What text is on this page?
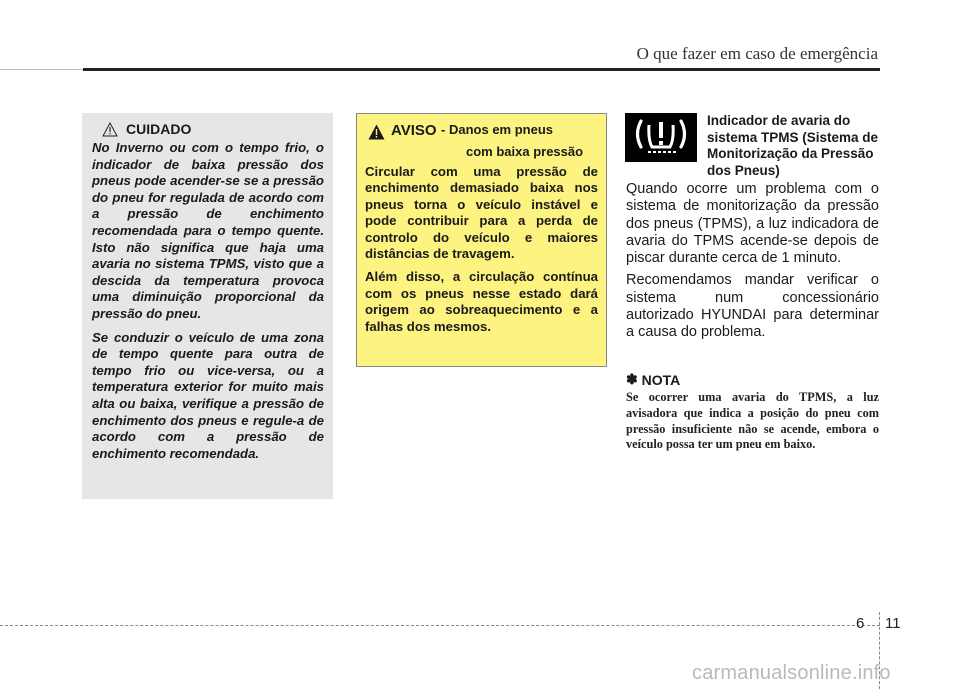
O que fazer em caso de emergência
CUIDADO

No Inverno ou com o tempo frio, o indicador de baixa pressão dos pneus pode acender-se se a pressão do pneu for regulada de acordo com a pressão de enchimento recomendada para o tempo quente. Isto não significa que haja uma avaria no sistema TPMS, visto que a descida da temperatura provoca uma diminuição proporcional da pressão do pneu.

Se conduzir o veículo de uma zona de tempo quente para outra de tempo frio ou vice-versa, ou a temperatura exterior for muito mais alta ou baixa, verifique a pressão de enchimento dos pneus e regule-a de acordo com a pressão de enchimento recomendada.

AVISO
- Danos em pneus
com baixa pressão

Circular com uma pressão de enchimento demasiado baixa nos pneus torna o veículo instável e pode contribuir para a perda de controlo do veículo e maiores distâncias de travagem.

Além disso, a circulação contínua com os pneus nesse estado dará origem ao sobreaquecimento e a falhas dos mesmos.

Indicador de avaria do sistema TPMS (Sistema de Monitorização da Pressão dos Pneus)

Quando ocorre um problema com o sistema de monitorização da pressão dos pneus (TPMS), a luz indicadora de avaria do TPMS acende-se depois de piscar durante cerca de 1 minuto.

Recomendamos mandar verificar o sistema num concessionário autorizado HYUNDAI para determinar a causa do problema.

✽
NOTA
Se ocorrer uma avaria do TPMS, a luz avisadora que indica a posição do pneu com pressão insuficiente não se acende, embora o veículo possa ter um pneu em baixo.
6 11
carmanualsonline.info
